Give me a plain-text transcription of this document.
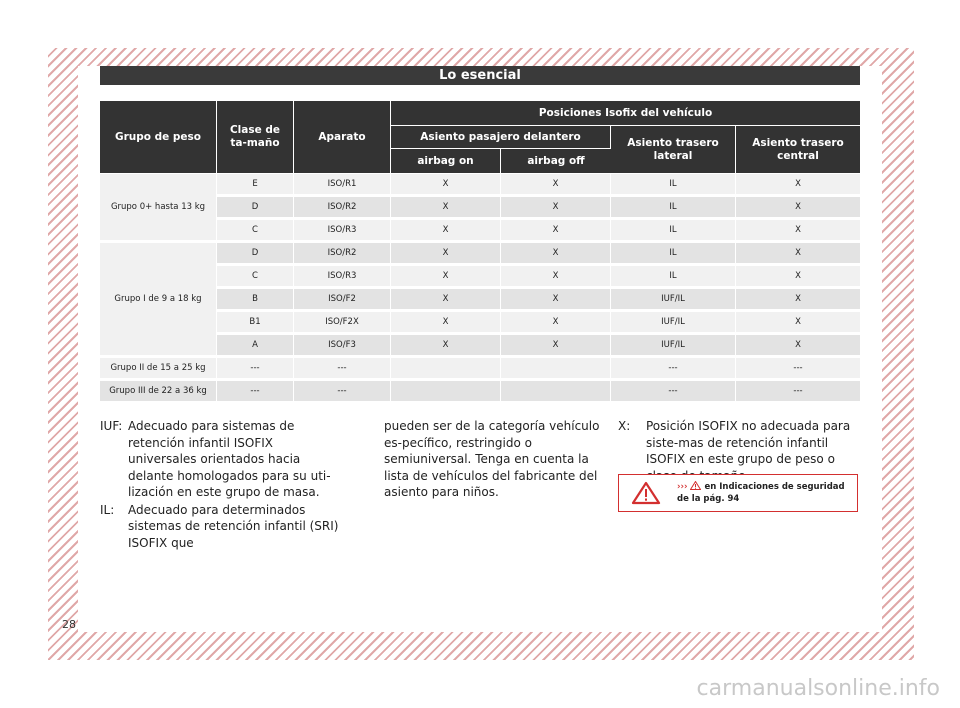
Lo esencial
Grupo de peso	Clase de ta-maño	Aparato	Posiciones Isofix del vehículo			
			Asiento pasajero delantero		Asiento trasero lateral	Asiento trasero central
			airbag on	airbag off		
Grupo 0+ hasta 13 kg	E	ISO/R1	X	X	IL	X
	D	ISO/R2	X	X	IL	X
	C	ISO/R3	X	X	IL	X
Grupo I de 9 a 18 kg	D	ISO/R2	X	X	IL	X
	C	ISO/R3	X	X	IL	X
	B	ISO/F2	X	X	IUF/IL	X
	B1	ISO/F2X	X	X	IUF/IL	X
	A	ISO/F3	X	X	IUF/IL	X
Grupo II de 15 a 25 kg	---	---			---	---
Grupo III de 22 a 36 kg	---	---			---	---
IUF: Adecuado para sistemas de retención infantil ISOFIX universales orientados hacia delante homologados para su uti-lización en este grupo de masa.
IL: Adecuado para determinados sistemas de retención infantil (SRI) ISOFIX que
pueden ser de la categoría vehículo es-pecífico, restringido o semiuniversal. Tenga en cuenta la lista de vehículos del fabricante del asiento para niños.
X: Posición ISOFIX no adecuada para siste-mas de retención infantil ISOFIX en este grupo de peso o
››› en Indicaciones de seguridad de la pág. 94
28
carmanualsonline.info
